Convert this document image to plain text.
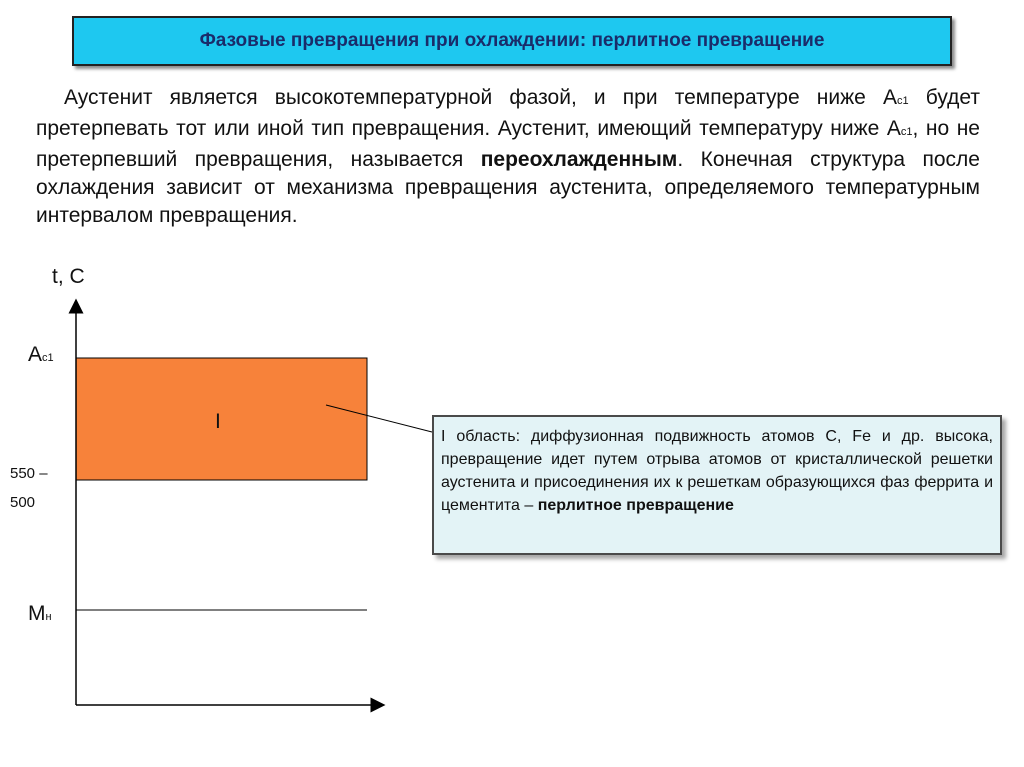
Фазовые превращения при охлаждении: перлитное превращение

Аустенит является высокотемпературной фазой, и при температуре ниже Ас1 будет претерпевать тот или иной тип превращения. Аустенит, имеющий температуру ниже Ас1, но не претерпевший превращения, называется переохлажденным. Конечная структура после охлаждения зависит от механизма превращения аустенита, определяемого температурным интервалом превращения.

t, С
Ас1
550 –
500
Мн
I
I область: диффузионная подвижность атомов С, Fe и др. высока, превращение идет путем отрыва атомов от кристаллической решетки аустенита и присоединения их к решеткам образующихся фаз феррита и цементита – перлитное превращение
